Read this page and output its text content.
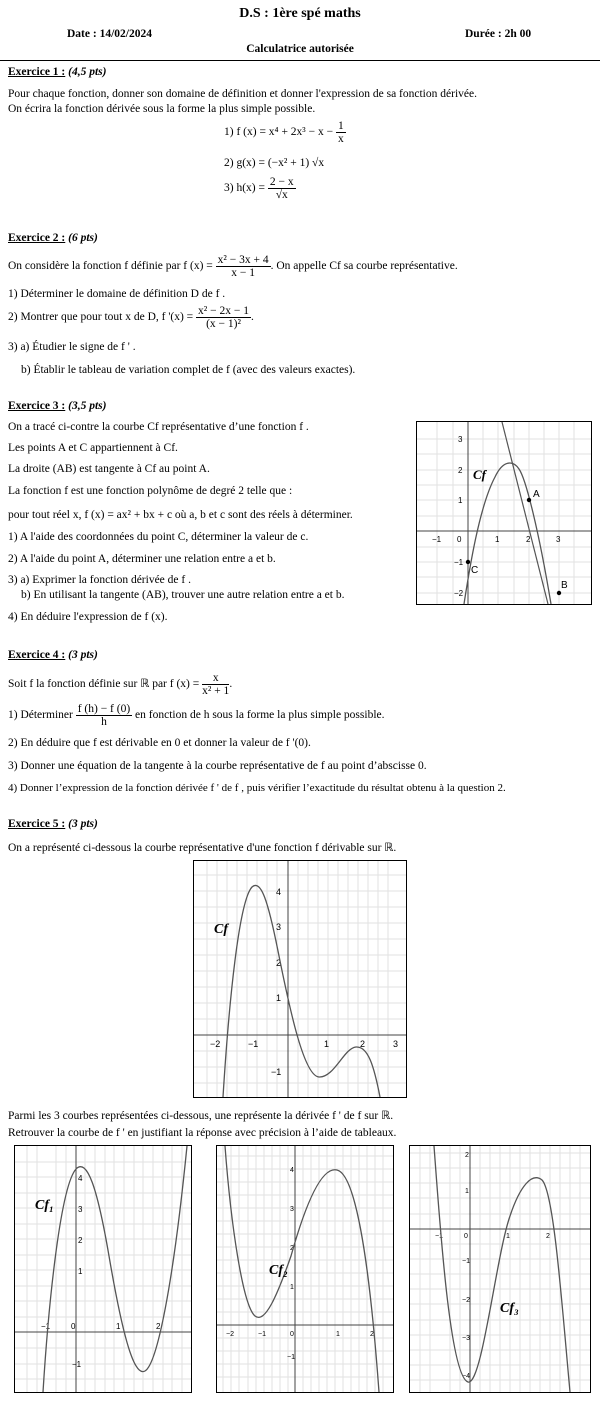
D.S : 1ère spé maths
Date : 14/02/2024	Durée : 2h 00
Calculatrice autorisée
Exercice 1 : (4,5 pts)
Pour chaque fonction, donner son domaine de définition et donner l'expression de sa fonction dérivée.
On écrira la fonction dérivée sous la forme la plus simple possible.
1) f $(x) = x^4 + 2x^3 - x - \frac{1}{x}$
2) g(x) = (−x² + 1) √x
3) $h(x) = \frac{2 - x}{√x}$
Exercice 2 : (6 pts)
On considère la fonction f définie par f $(x) = \frac{\text{x² − 3x + 4}}{x - 1}$ . On appelle Cf sa courbe représentative.
1) Déterminer le domaine de définition D de f .
2) Montrer que pour tout x de D, f '$(x) = \frac{\text{x² − 2x − 1}}{\text{(x − 1)²}}$ .
3) a) Étudier le signe de f ' .
b) Établir le tableau de variation complet de f (avec des valeurs exactes).
Exercice 3 : (3,5 pts)
On a tracé ci-contre la courbe Cf représentative d’une fonction f .
Les points A et C appartiennent à Cf.
La droite (AB) est tangente à Cf au point A.
La fonction f est une fonction polynôme de degré 2 telle que :
pour tout réel x, f (x) = ax² + bx + c où a, b et c sont des réels à déterminer.
1) A l'aide des coordonnées du point C, déterminer la valeur de c.
2) A l'aide du point A, déterminer une relation entre a et b.
3) a) Exprimer la fonction dérivée de f .
b) En utilisant la tangente (AB), trouver une autre relation entre a et b.
4) En déduire l'expression de f (x).
−1 0	1	2	3
3
2
1
−1
−2
A
B
C
Cf
Exercice 4 : (3 pts)
Soit f la fonction définie sur ℝ par f $(x) = \frac{x}{\text{x² + 1}}$ .
1) Déterminer $\frac{f (h) - f (0)}{h}$ en fonction de h sous la forme la plus simple possible.
2) En déduire que f est dérivable en 0 et donner la valeur de f '(0).
3) Donner une équation de la tangente à la courbe représentative de f au point d’abscisse 0.
4) Donner l’expression de la fonction dérivée f ' de f , puis vérifier l’exactitude du résultat obtenu à la question 2.
Exercice 5 : (3 pts)
On a représenté ci-dessous la courbe représentative d'une fonction f dérivable sur ℝ.
−2	−1	1	2	3
4
3
2
1
−1
Cf
Parmi les 3 courbes représentées ci-dessous, une représente la dérivée f ' de f sur ℝ.
Retrouver la courbe de f ' en justifiant la réponse avec précision à l’aide de tableaux.
−1	0	1	2
4
3
2
1
−1
Cf₁
−2	−1	0	1	2
4
3
2
1
−1
Cf₂
−1	0	1	2
2
1
−1
−2
−3
−4
Cf₃
